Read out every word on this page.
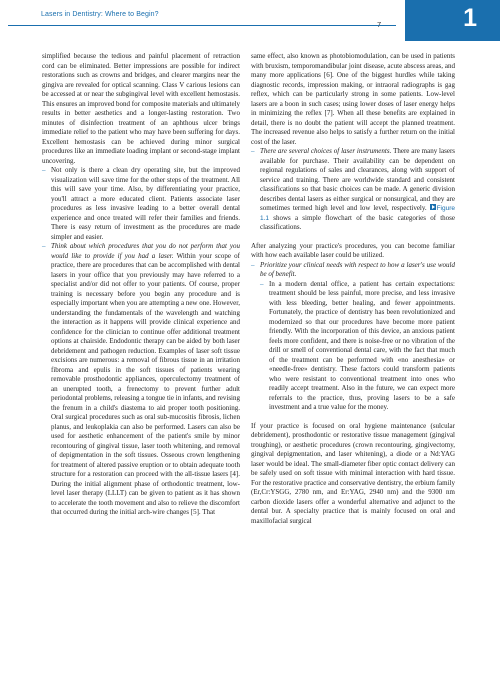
Lasers in Dentistry: Where to Begin?	1

simplified because the tedious and painful placement of retraction cord can be eliminated. Better impressions are possible for indirect restorations such as crowns and bridges, and clearer margins near the gingiva are revealed for optical scanning. Class V carious lesions can be accessed at or near the subgingival level with excellent hemostasis. This ensures an improved bond for composite materials and ultimately results in better aesthetics and a longer-lasting restoration. Two minutes of disinfection treatment of an aphthous ulcer brings immediate relief to the patient who may have been suffering for days. Excellent hemostasis can be achieved during minor surgical procedures like an immediate loading implant or second-stage implant uncovering.

– Not only is there a clean dry operating site, but the improved visualization will save time for the other steps of the treatment. All this will save your time. Also, by differentiating your practice, you'll attract a more educated client. Patients associate laser procedures as less invasive leading to a better overall dental experience and once treated will refer their families and friends. There is easy return of investment as the procedures are made simpler and easier.
– Think about which procedures that you do not perform that you would like to provide if you had a laser. Within your scope of practice, there are procedures that can be accomplished with dental lasers in your office that you previously may have referred to a specialist and/or did not offer to your patients. Of course, proper training is necessary before you begin any procedure and is especially important when you are attempting a new one. However, understanding the fundamentals of the wavelength and watching the interaction as it happens will provide clinical experience and confidence for the clinician to continue offer additional treatment options at chairside. Endodontic therapy can be aided by both laser debridement and pathogen reduction. Examples of laser soft tissue excisions are numerous: a removal of fibrous tissue in an irritation fibroma and epulis in the soft tissues of patients wearing removable prosthodontic appliances, operculectomy treatment of an unerupted tooth, a frenectomy to prevent further adult periodontal problems, releasing a tongue tie in infants, and revising the frenum in a child's diastema to aid proper tooth positioning. Oral surgical procedures such as oral sub-mucositis fibrosis, lichen planus, and leukoplakia can also be performed. Lasers can also be used for aesthetic enhancement of the patient's smile by minor recontouring of gingival tissue, laser tooth whitening, and removal of depigmentation in the soft tissues. Osseous crown lengthening for treatment of altered passive eruption or to obtain adequate tooth structure for a restoration can proceed with the all-tissue lasers [4]. During the initial alignment phase of orthodontic treatment, low-level laser therapy (LLLT) can be given to patient as it has shown to accelerate the tooth movement and also to relieve the discomfort that occurred during the initial arch-wire changes [5]. That

same effect, also known as photobiomodulation, can be used in patients with bruxism, temporomandibular joint disease, acute abscess areas, and many more applications [6]. One of the biggest hurdles while taking diagnostic records, impression making, or intraoral radiographs is gag reflex, which can be particularly strong in some patients. Low-level lasers are a boon in such cases; using lower doses of laser energy helps in minimizing the reflex [7]. When all these benefits are explained in detail, there is no doubt the patient will accept the planned treatment. The increased revenue also helps to satisfy a further return on the initial cost of the laser.

– There are several choices of laser instruments. There are many lasers available for purchase. Their availability can be dependent on regional regulations of sales and clearances, along with support of service and training. There are worldwide standard and consistent classifications so that basic choices can be made. A generic division describes dental lasers as either surgical or nonsurgical, and they are sometimes termed high level and low level, respectively. Figure 1.1 shows a simple flowchart of the basic categories of those classifications.

After analyzing your practice's procedures, you can become familiar with how each available laser could be utilized.

– Prioritize your clinical needs with respect to how a laser's use would be of benefit.
– In a modern dental office, a patient has certain expectations: treatment should be less painful, more precise, and less invasive with less bleeding, better healing, and fewer appointments. Fortunately, the practice of dentistry has been revolutionized and modernized so that our procedures have become more patient friendly. With the incorporation of this device, an anxious patient feels more confident, and there is noise-free or no vibration of the drill or smell of conventional dental care, with the fact that much of the treatment can be performed with «no anesthesia» or «needle-free» dentistry. These factors could transform patients who were resistant to conventional treatment into ones who readily accept treatment. Also in the future, we can expect more referrals to the practice, thus, proving lasers to be a safe investment and a true value for the money.

If your practice is focused on oral hygiene maintenance (sulcular debridement), prosthodontic or restorative tissue management (gingival troughing), or aesthetic procedures (crown recontouring, gingivectomy, gingival depigmentation, and laser whitening), a diode or a Nd:YAG laser would be ideal. The small-diameter fiber optic contact delivery can be safely used on soft tissue with minimal interaction with hard tissue. For the restorative practice and conservative dentistry, the erbium family (Er,Cr:YSGG, 2780 nm, and Er:YAG, 2940 nm) and the 9300 nm carbon dioxide lasers offer a wonderful alternative and adjunct to the dental bur. A specialty practice that is mainly focused on oral and maxillofacial surgical
